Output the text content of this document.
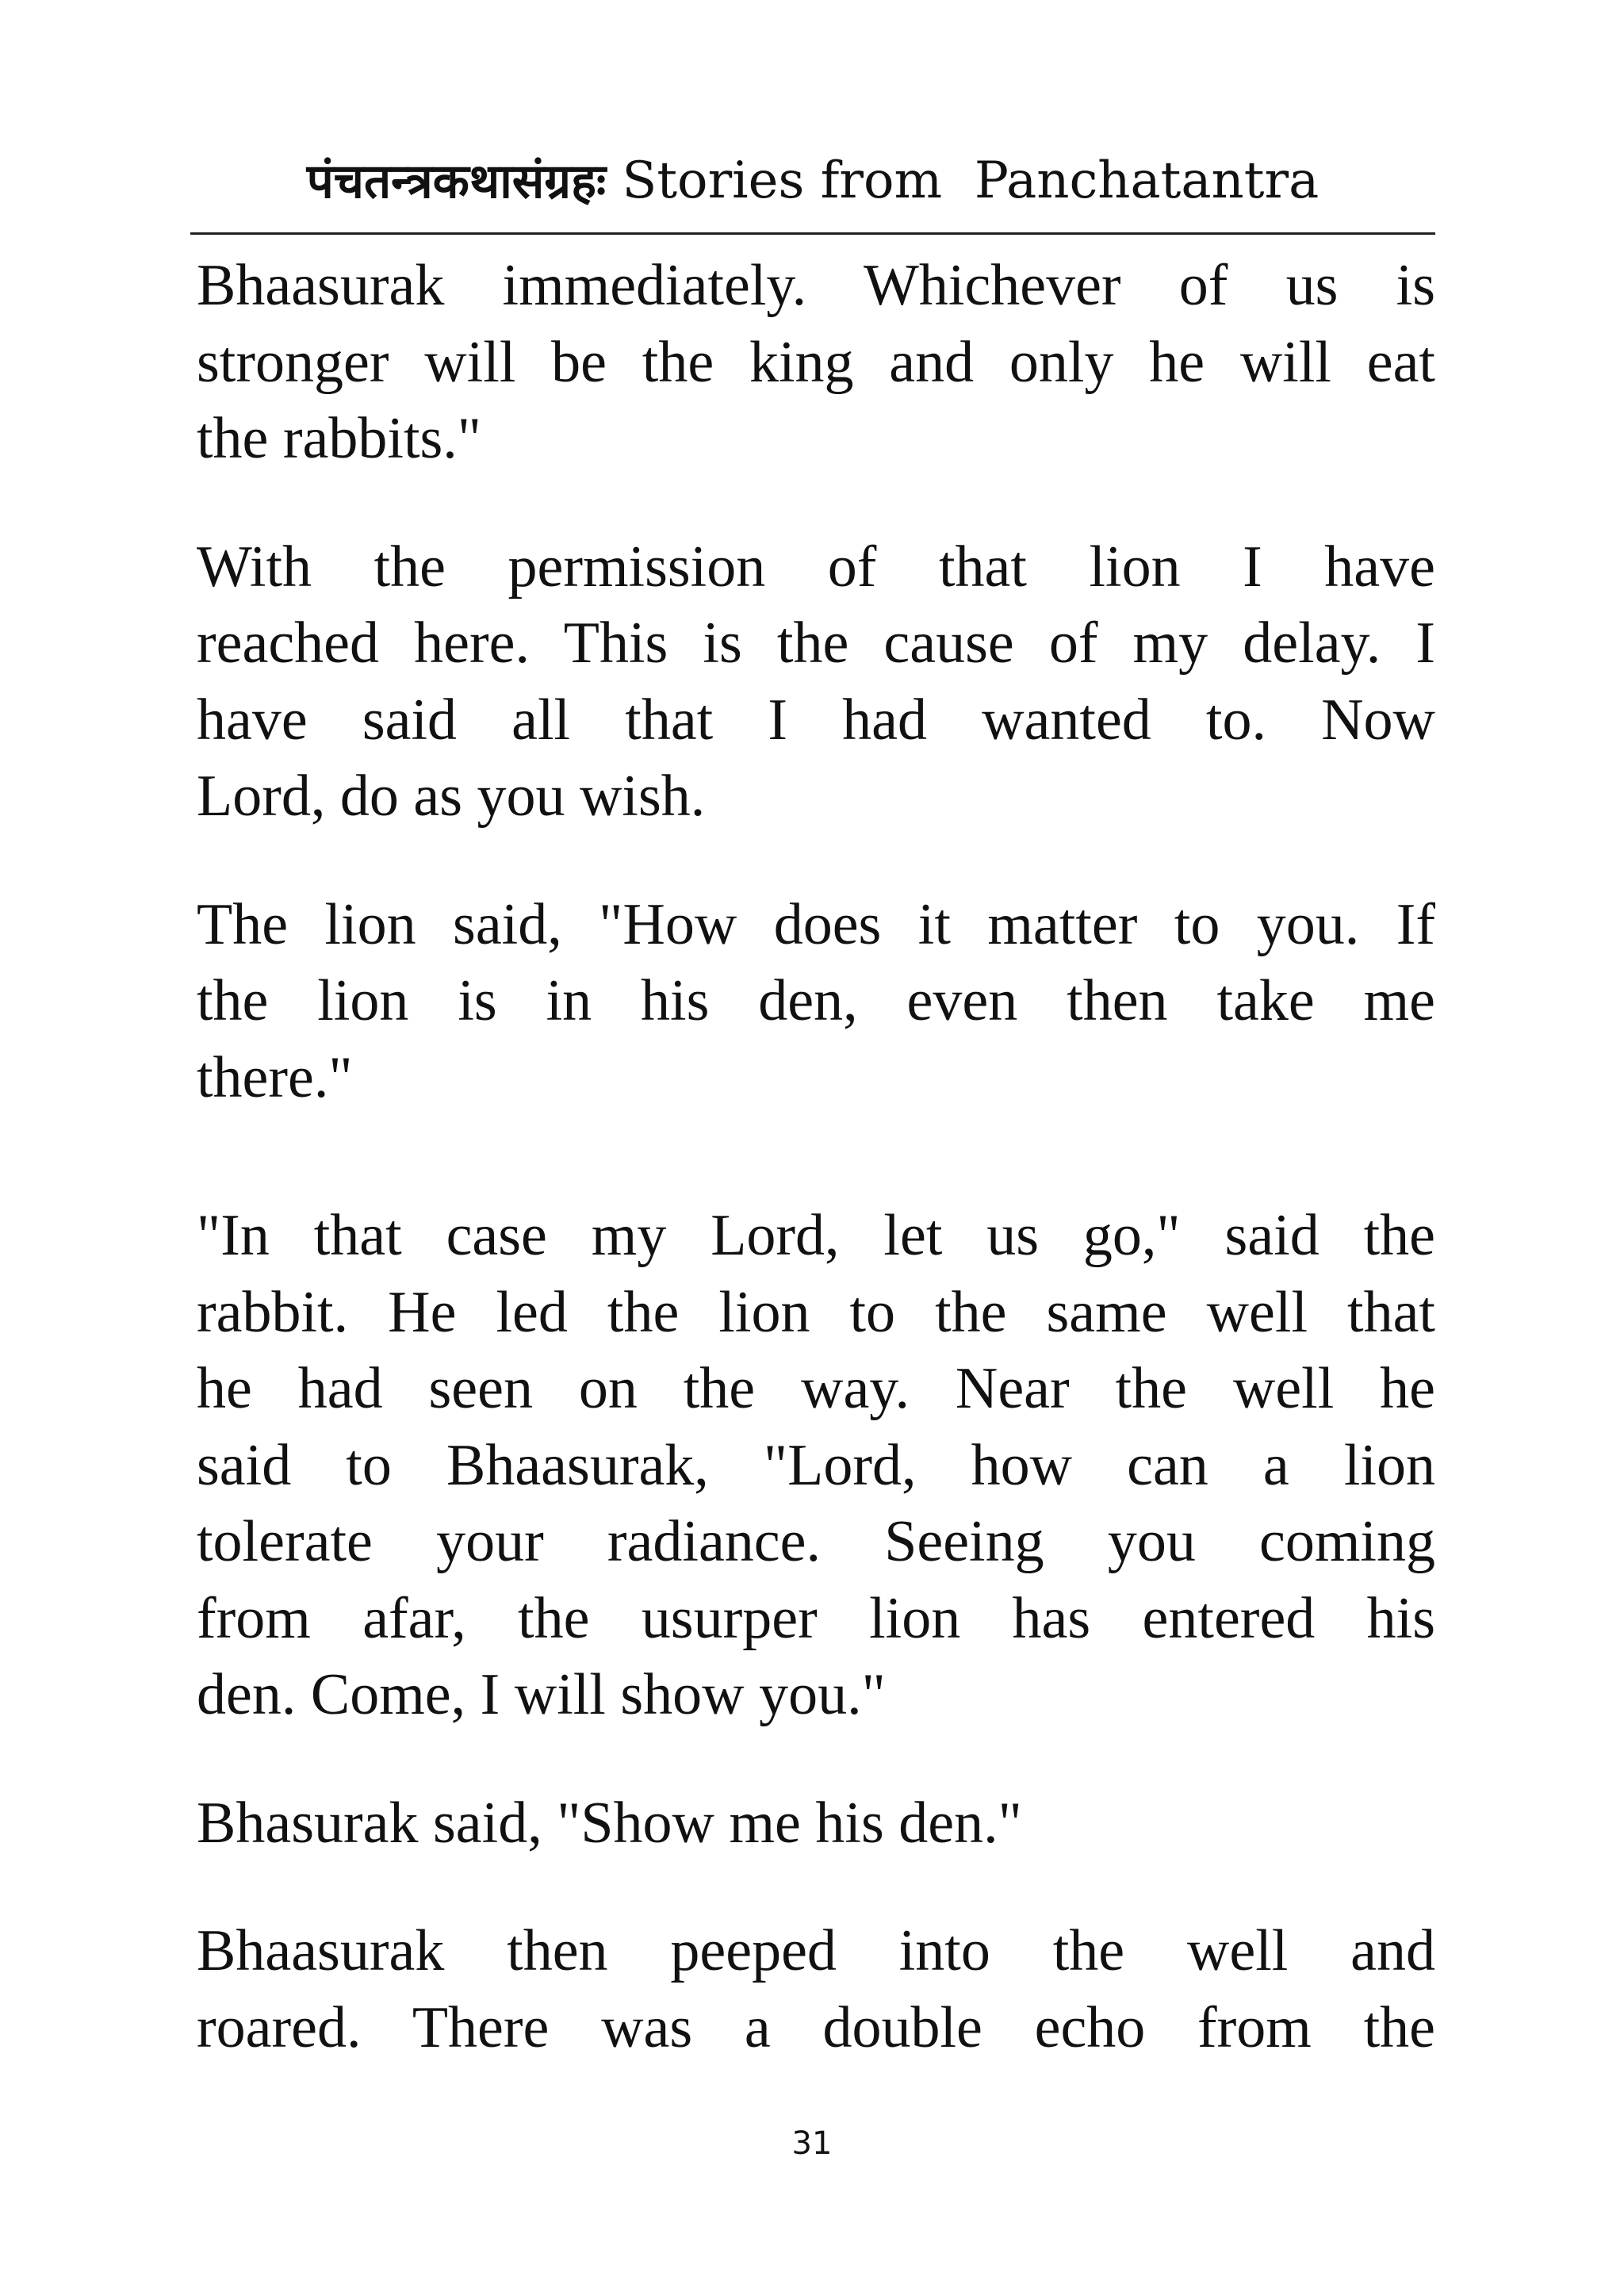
पंचतन्त्रकथासंग्रहः Stories from  Panchatantra
Bhaasurak immediately. Whichever of us is
stronger will be the king and only he will eat
the rabbits."
With the permission of that lion I have
reached here. This is the cause of my delay. I
have said all that I had wanted to. Now
Lord, do as you wish.
The lion said, "How does it matter to you. If
the lion is in his den, even then take me
there."
"In that case my Lord, let us go," said the
rabbit. He led the lion to the same well that
he had seen on the way. Near the well he
said to Bhaasurak, "Lord, how can a lion
tolerate your radiance. Seeing you coming
from afar, the usurper lion has entered his
den. Come, I will show you."
Bhasurak said, "Show me his den."
Bhaasurak then peeped into the well and
roared. There was a double echo from the
31
